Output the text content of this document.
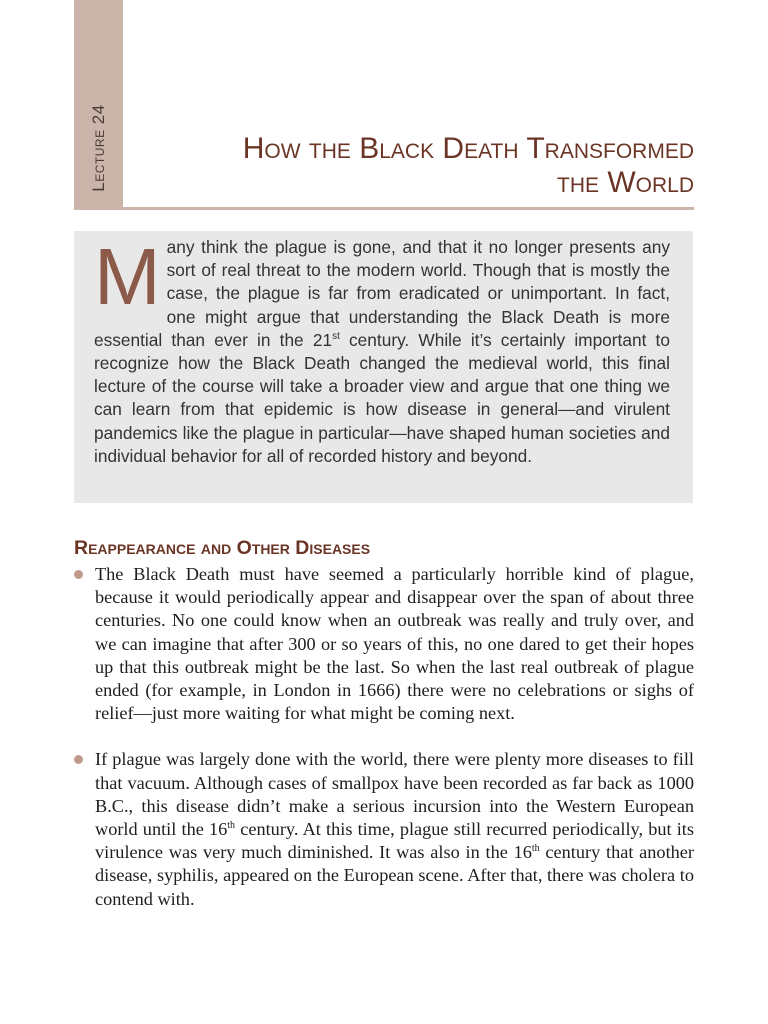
Lecture 24	How the Black Death Transformed
the World

Many think the plague is gone, and that it no longer presents any sort of real threat to the modern world. Though that is mostly the case, the plague is far from eradicated or unimportant. In fact, one might argue that understanding the Black Death is more essential than ever in the 21st century. While it’s certainly important to recognize how the Black Death changed the medieval world, this final lecture of the course will take a broader view and argue that one thing we can learn from that epidemic is how disease in general—and virulent pandemics like the plague in particular—have shaped human societies and individual behavior for all of recorded history and beyond.

Reappearance and Other Diseases

The Black Death must have seemed a particularly horrible kind of plague, because it would periodically appear and disappear over the span of about three centuries. No one could know when an outbreak was really and truly over, and we can imagine that after 300 or so years of this, no one dared to get their hopes up that this outbreak might be the last. So when the last real outbreak of plague ended (for example, in London in 1666) there were no celebrations or sighs of relief—just more waiting for what might be coming next.

If plague was largely done with the world, there were plenty more diseases to fill that vacuum. Although cases of smallpox have been recorded as far back as 1000 B.C., this disease didn’t make a serious incursion into the Western European world until the 16th century. At this time, plague still recurred periodically, but its virulence was very much diminished. It was also in the 16th century that another disease, syphilis, appeared on the European scene. After that, there was cholera to contend with.
